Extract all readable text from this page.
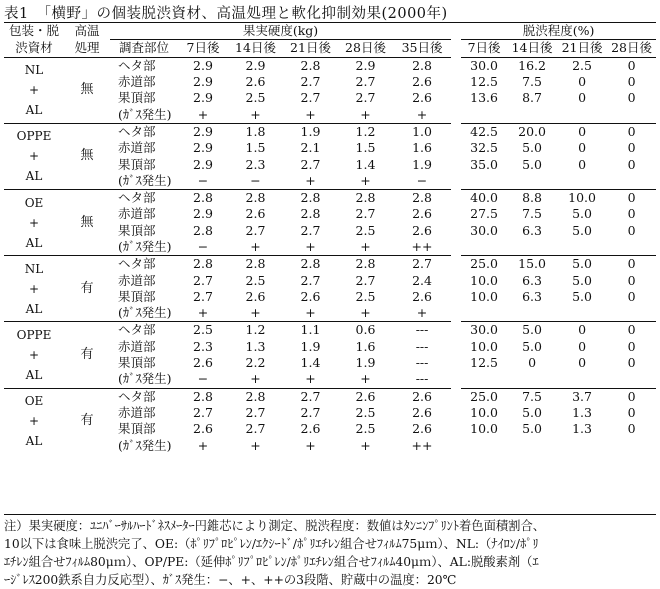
表1　「横野」の個装脱渋資材、高温処理と軟化抑制効果(2000年)
包装・脱	高温	果実硬度(kg)							脱渋程度(%)			
渋資材	処理	調査部位	7日後	14日後	21日後	28日後	35日後		7日後	14日後	21日後	28日後

NL
+
AL	無	ヘタ部	2.9	2.9	2.8	2.9	2.8		30.0	16.2	2.5	0
		赤道部	2.9	2.6	2.7	2.7	2.6		12.5	7.5	0	0
		果頂部	2.9	2.5	2.7	2.7	2.6		13.6	8.7	0	0
		(ｶﾞｽ発生)	+	+	+	+	+					

OPPE
+
AL	無	ヘタ部	2.9	1.8	1.9	1.2	1.0		42.5	20.0	0	0
		赤道部	2.9	1.5	2.1	1.5	1.6		32.5	5.0	0	0
		果頂部	2.9	2.3	2.7	1.4	1.9		35.0	5.0	0	0
		(ｶﾞｽ発生)	−	−	+	+	−					

OE
+
AL	無	ヘタ部	2.8	2.8	2.8	2.8	2.8		40.0	8.8	10.0	0
		赤道部	2.9	2.6	2.8	2.7	2.6		27.5	7.5	5.0	0
		果頂部	2.8	2.7	2.7	2.5	2.6		30.0	6.3	5.0	0
		(ｶﾞｽ発生)	−	+	+	+	++					

NL
+
AL	有	ヘタ部	2.8	2.8	2.8	2.8	2.7		25.0	15.0	5.0	0
		赤道部	2.7	2.5	2.7	2.7	2.4		10.0	6.3	5.0	0
		果頂部	2.7	2.6	2.6	2.5	2.6		10.0	6.3	5.0	0
		(ｶﾞｽ発生)	+	+	+	+	+					

OPPE
+
AL	有	ヘタ部	2.5	1.2	1.1	0.6	---		30.0	5.0	0	0
		赤道部	2.3	1.3	1.9	1.6	---		10.0	5.0	0	0
		果頂部	2.6	2.2	1.4	1.9	---		12.5	0	0	0
		(ｶﾞｽ発生)	−	+	+	+	---					

OE
+
AL	有	ヘタ部	2.8	2.8	2.7	2.6	2.6		25.0	7.5	3.7	0
		赤道部	2.7	2.7	2.7	2.5	2.6		10.0	5.0	1.3	0
		果頂部	2.6	2.7	2.6	2.5	2.6		10.0	5.0	1.3	0
		(ｶﾞｽ発生)	+	+	+	+	++					
注）果実硬度：ﾕﾆﾊﾞｰｻﾙﾊｰﾄﾞﾈｽﾒｰﾀｰ円錐芯により測定、脱渋程度：数値はﾀﾝﾆﾝﾌﾟﾘﾝﾄ着色面積割合、
10以下は食味上脱渋完了、OE:（ﾎﾟﾘﾌﾟﾛﾋﾟﾚﾝ/ｴｸｼｰﾄﾞ/ﾎﾟﾘｴﾁﾚﾝ組合せﾌｨﾙﾑ75μｍ）、NL:（ﾅｲﾛﾝ/ﾎﾟﾘ
ｴﾁﾚﾝ組合せﾌｨﾙﾑ80μｍ）、OP/PE:（延伸ﾎﾟﾘﾌﾟﾛﾋﾟﾚﾝ/ﾎﾟﾘｴﾁﾚﾝ組合せﾌｨﾙﾑ40μｍ）、AL:脱酸素剤（ｴ
ｰｼﾞﾚｽ200鉄系自力反応型）、ｶﾞｽ発生：−、+、++の3段階、貯蔵中の温度：20℃
